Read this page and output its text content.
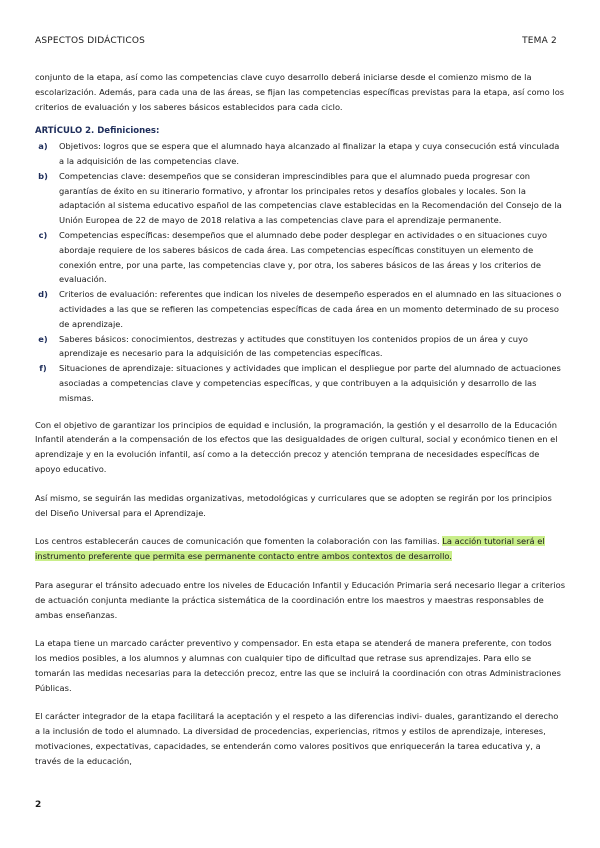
ASPECTOS DIDÁCTICOS	TEMA 2

conjunto de la etapa, así como las competencias clave cuyo desarrollo deberá iniciarse desde el comienzo mismo de la escolarización. Además, para cada una de las áreas, se fijan las competencias específicas previstas para la etapa, así como los criterios de evaluación y los saberes básicos establecidos para cada ciclo.

ARTÍCULO 2. Definiciones:

a)	Objetivos: logros que se espera que el alumnado haya alcanzado al finalizar la etapa y cuya consecución está vinculada a la adquisición de las competencias clave.
b)	Competencias clave: desempeños que se consideran imprescindibles para que el alumnado pueda progresar con garantías de éxito en su itinerario formativo, y afrontar los principales retos y desafíos globales y locales. Son la adaptación al sistema educativo español de las competencias clave establecidas en la Recomendación del Consejo de la Unión Europea de 22 de mayo de 2018 relativa a las competencias clave para el aprendizaje permanente.
c)	Competencias específicas: desempeños que el alumnado debe poder desplegar en actividades o en situaciones cuyo abordaje requiere de los saberes básicos de cada área. Las competencias específicas constituyen un elemento de conexión entre, por una parte, las competencias clave y, por otra, los saberes básicos de las áreas y los criterios de evaluación.
d)	Criterios de evaluación: referentes que indican los niveles de desempeño esperados en el alumnado en las situaciones o actividades a las que se refieren las competencias específicas de cada área en un momento determinado de su proceso de aprendizaje.
e)	Saberes básicos: conocimientos, destrezas y actitudes que constituyen los contenidos propios de un área y cuyo aprendizaje es necesario para la adquisición de las competencias específicas.
f)	Situaciones de aprendizaje: situaciones y actividades que implican el despliegue por parte del alumnado de actuaciones asociadas a competencias clave y competencias específicas, y que contribuyen a la adquisición y desarrollo de las mismas.

Con el objetivo de garantizar los principios de equidad e inclusión, la programación, la gestión y el desarrollo de la Educación Infantil atenderán a la compensación de los efectos que las desigualdades de origen cultural, social y económico tienen en el aprendizaje y en la evolución infantil, así como a la detección precoz y atención temprana de necesidades específicas de apoyo educativo.

Así mismo, se seguirán las medidas organizativas, metodológicas y curriculares que se adopten se regirán por los principios del Diseño Universal para el Aprendizaje.

Los centros establecerán cauces de comunicación que fomenten la colaboración con las familias. La acción tutorial será el instrumento preferente que permita ese permanente contacto entre ambos contextos de desarrollo.

Para asegurar el tránsito adecuado entre los niveles de Educación Infantil y Educación Primaria será necesario llegar a criterios de actuación conjunta mediante la práctica sistemática de la coordinación entre los maestros y maestras responsables de ambas enseñanzas.

La etapa tiene un marcado carácter preventivo y compensador. En esta etapa se atenderá de manera preferente, con todos los medios posibles, a los alumnos y alumnas con cualquier tipo de dificultad que retrase sus aprendizajes. Para ello se tomarán las medidas necesarias para la detección precoz, entre las que se incluirá la coordinación con otras Administraciones Públicas.

El carácter integrador de la etapa facilitará la aceptación y el respeto a las diferencias indivi- duales, garantizando el derecho a la inclusión de todo el alumnado. La diversidad de procedencias, experiencias, ritmos y estilos de aprendizaje, intereses, motivaciones, expectativas, capacidades, se entenderán como valores positivos que enriquecerán la tarea educativa y, a través de la educación,

2
